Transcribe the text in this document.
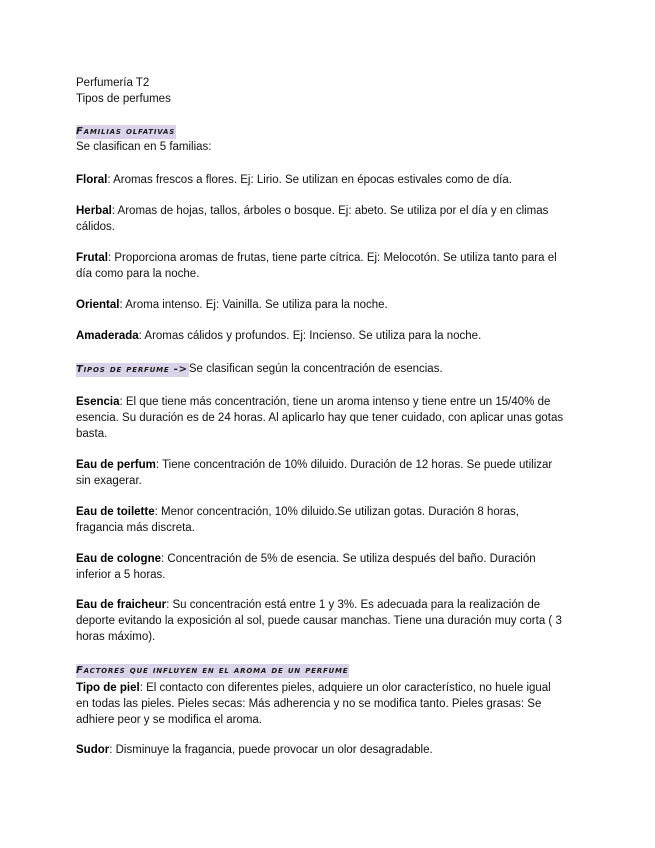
Perfumería T2

Tipos de perfumes

Familias olfativas

Se clasifican en 5 familias:

Floral: Aromas frescos a flores. Ej: Lirio. Se utilizan en épocas estivales como de día.

Herbal: Aromas de hojas, tallos, árboles o bosque. Ej: abeto. Se utiliza por el día y en climas
cálidos.

Frutal: Proporciona aromas de frutas, tiene parte cítrica. Ej: Melocotón. Se utiliza tanto para el
día como para la noche.

Oriental: Aroma intenso. Ej: Vainilla. Se utiliza para la noche.

Amaderada: Aromas cálidos y profundos. Ej: Incienso. Se utiliza para la noche.

Tipos de perfume ->Se clasifican según la concentración de esencias.

Esencia: El que tiene más concentración, tiene un aroma intenso y tiene entre un 15/40% de
esencia. Su duración es de 24 horas. Al aplicarlo hay que tener cuidado, con aplicar unas gotas
basta.

Eau de perfum: Tiene concentración de 10% diluido. Duración de 12 horas. Se puede utilizar
sin exagerar.

Eau de toilette: Menor concentración, 10% diluido.Se utilizan gotas. Duración 8 horas,
fragancia más discreta.

Eau de cologne: Concentración de 5% de esencia. Se utiliza después del baño. Duración
inferior a 5 horas.

Eau de fraicheur: Su concentración está entre 1 y 3%. Es adecuada para la realización de
deporte evitando la exposición al sol, puede causar manchas. Tiene una duración muy corta ( 3
horas máximo).

Factores que influyen en el aroma de un perfume

Tipo de piel: El contacto con diferentes pieles, adquiere un olor característico, no huele igual
en todas las pieles. Pieles secas: Más adherencia y no se modifica tanto. Pieles grasas: Se
adhiere peor y se modifica el aroma.

Sudor: Disminuye la fragancia, puede provocar un olor desagradable.
